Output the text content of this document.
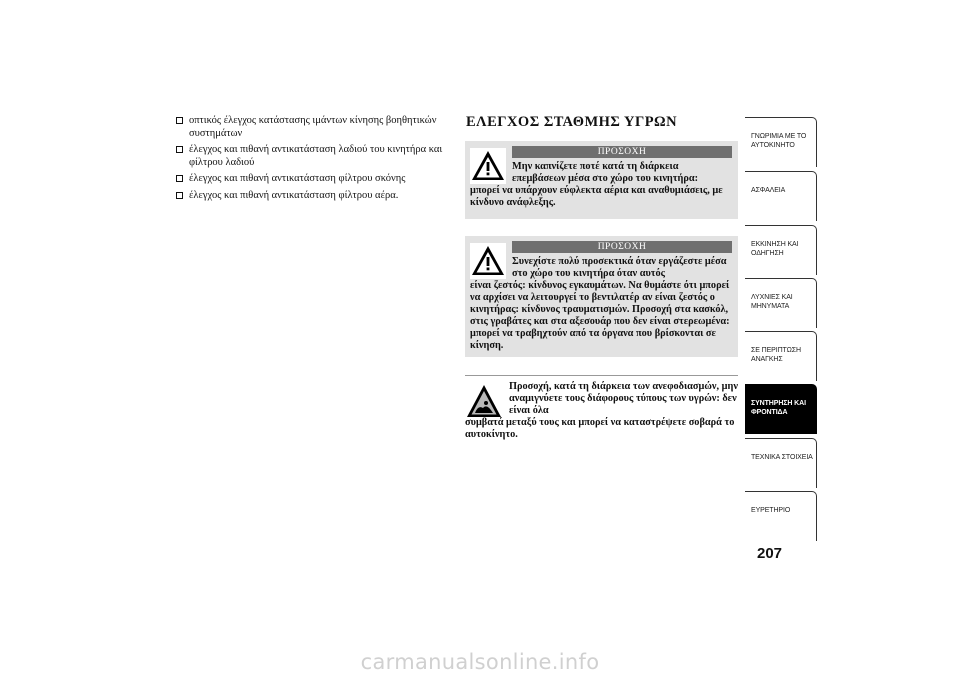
οπτικός έλεγχος κατάστασης ιμάντων κίνησης βοηθητικών συστημάτων
έλεγχος και πιθανή αντικατάσταση λαδιού του κινητήρα και φίλτρου λαδιού
έλεγχος και πιθανή αντικατάσταση φίλτρου σκόνης
έλεγχος και πιθανή αντικατάσταση φίλτρου αέρα.
ΕΛΕΓΧΟΣ ΣΤΑΘΜΗΣ ΥΓΡΩΝ
ΠΡΟΣΟΧΗ
Μην καπνίζετε ποτέ κατά τη διάρκεια επεμβάσεων μέσα στο χώρο του κινητήρα:
μπορεί να υπάρχουν εύφλεκτα αέρια και αναθυμιάσεις, με κίνδυνο ανάφλεξης.
ΠΡΟΣΟΧΗ
Συνεχίστε πολύ προσεκτικά όταν εργάζεστε μέσα στο χώρο του κινητήρα όταν αυτός
είναι ζεστός: κίνδυνος εγκαυμάτων. Να θυμάστε ότι μπορεί να αρχίσει να λειτουργεί το βεντιλατέρ αν είναι ζεστός ο κινητήρας: κίνδυνος τραυματισμών. Προσοχή στα κασκόλ, στις γραβάτες και στα αξεσουάρ που δεν είναι στερεωμένα: μπορεί να τραβηχτούν από τα όργανα που βρίσκονται σε κίνηση.
Προσοχή, κατά τη διάρκεια των ανεφοδιασμών, μην αναμιγνύετε τους διάφορους τύπους των υγρών: δεν είναι όλα
συμβατά μεταξύ τους και μπορεί να καταστρέψετε σοβαρά το αυτοκίνητο.
ΓΝΩΡΙΜΙΑ ΜΕ ΤΟ
ΑΥΤΟΚΙΝΗΤΟ
ΑΣΦΑΛΕΙΑ

ΕΚΚΙΝΗΣΗ ΚΑΙ
ΟΔΗΓΗΣΗ
ΛΥΧΝΙΕΣ ΚΑΙ
ΜΗΝΥΜΑΤΑ
ΣΕ ΠΕΡΙΠΤΩΣΗ
ΑΝΑΓΚΗΣ
ΣΥΝΤΗΡΗΣΗ ΚΑΙ
ΦΡΟΝΤΙΔΑ
ΤΕΧΝΙΚΑ ΣΤΟΙΧΕΙΑ

ΕΥΡΕΤΗΡΙΟ

207
carmanualsonline.info
